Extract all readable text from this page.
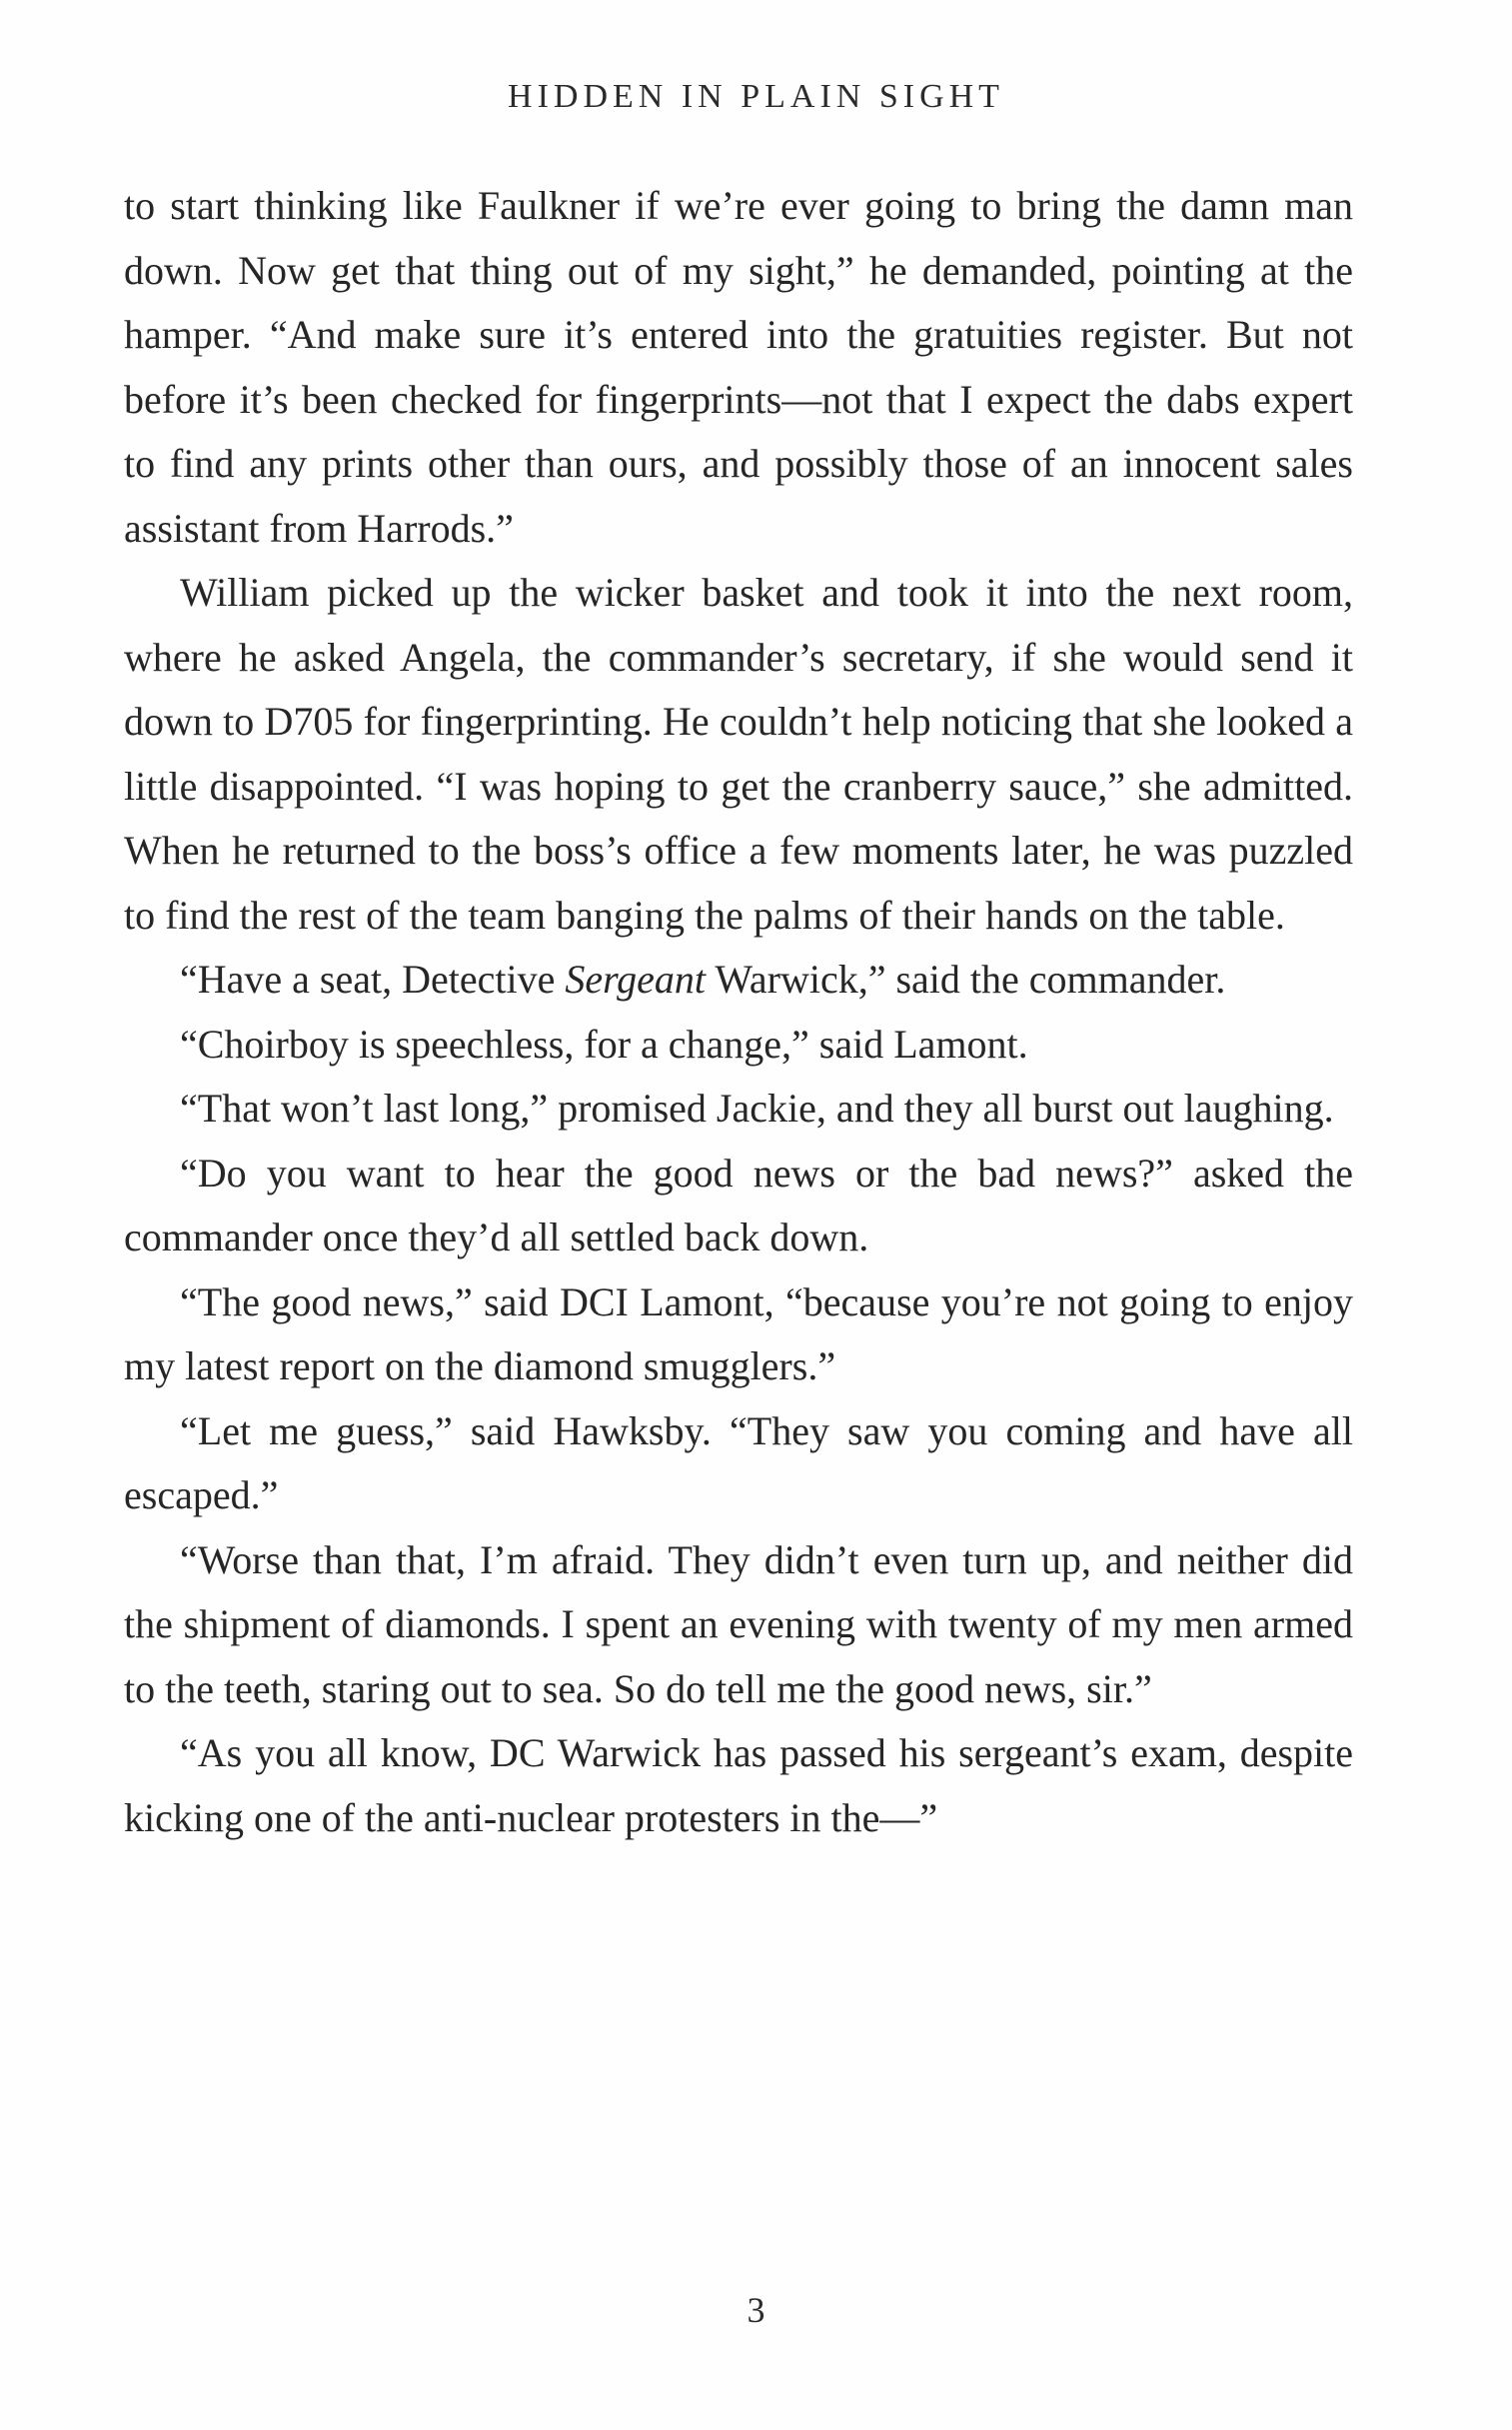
HIDDEN IN PLAIN SIGHT

to start thinking like Faulkner if we’re ever going to bring the damn man down. Now get that thing out of my sight,” he demanded, pointing at the hamper. “And make sure it’s entered into the gratuities register. But not before it’s been checked for fingerprints—not that I expect the dabs expert to find any prints other than ours, and possibly those of an innocent sales assistant from Harrods.”

William picked up the wicker basket and took it into the next room, where he asked Angela, the commander’s secretary, if she would send it down to D705 for fingerprinting. He couldn’t help noticing that she looked a little disappointed. “I was hoping to get the cranberry sauce,” she admitted. When he returned to the boss’s office a few moments later, he was puzzled to find the rest of the team banging the palms of their hands on the table.

“Have a seat, Detective Sergeant Warwick,” said the commander.

“Choirboy is speechless, for a change,” said Lamont.

“That won’t last long,” promised Jackie, and they all burst out laughing.

“Do you want to hear the good news or the bad news?” asked the commander once they’d all settled back down.

“The good news,” said DCI Lamont, “because you’re not going to enjoy my latest report on the diamond smugglers.”

“Let me guess,” said Hawksby. “They saw you coming and have all escaped.”

“Worse than that, I’m afraid. They didn’t even turn up, and neither did the shipment of diamonds. I spent an evening with twenty of my men armed to the teeth, staring out to sea. So do tell me the good news, sir.”

“As you all know, DC Warwick has passed his sergeant’s exam, despite kicking one of the anti-nuclear protesters in the—”

3
